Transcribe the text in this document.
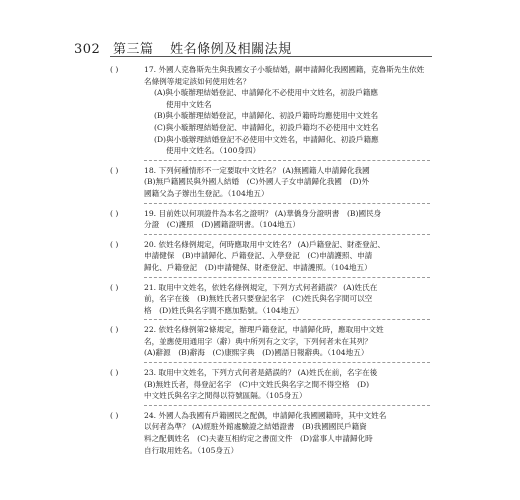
302 第三篇 姓名條例及相關法規
( )	17. 外國人克魯斯先生與我國女子小璇結婚，嗣申請歸化我國國籍，克魯斯先生依姓名條例等規定該如何使用姓名？
(A)與小璇辦理結婚登記、申請歸化不必使用中文姓名，初設戶籍應
使用中文姓名
(B)與小璇辦理結婚登記，申請歸化、初設戶籍時均應使用中文姓名
(C)與小璇辦理結婚登記、申請歸化，初設戶籍均不必使用中文姓名
(D)與小璇辦理結婚登記不必使用中文姓名，申請歸化、初設戶籍應
使用中文姓名。（100身四）
( )	18. 下列何種情形不一定要取中文姓名？ (A)無國籍人申請歸化我國
(B)無戶籍國民與外國人結婚　(C)外國人子女申請歸化我國　(D)外
國籍父為子辦出生登記。（104地五）
( )	19. 目前姓以何項證件為本名之證明？ (A)華僑身分證明書　(B)國民身
分證　(C)護照　(D)國籍證明書。（104地五）
( )	20. 依姓名條例規定，何時應取用中文姓名？ (A)戶籍登記、財產登記、
申請健保　(B)申請歸化、戶籍登記、入學登記　(C)申請護照、申請
歸化、戶籍登記　(D)申請健保、財產登記、申請護照。（104地五）
( )	21. 取用中文姓名，依姓名條例規定，下列方式何者錯誤？ (A)姓氏在
前，名字在後　(B)無姓氏者只要登記名字　(C)姓氏與名字間可以空
格　(D)姓氏與名字間不應加點號。（104地五）
( )	22. 依姓名條例第2條規定，辦理戶籍登記，申請歸化時，應取用中文姓
名，並應使用通用字（辭）典中所列有之文字，下列何者未在其列？
(A)辭源　(B)辭海　(C)康熙字典　(D)國語日報辭典。（104地五）
( )	23. 取用中文姓名，下列方式何者是錯誤的？ (A)姓氏在前，名字在後
(B)無姓氏者，得登記名字　(C)中文姓氏與名字之間不得空格　(D)
中文姓氏與名字之間得以符號區隔。（105身五）
( )	24. 外國人為我國有戶籍國民之配偶，申請歸化我國國籍時，其中文姓名
以何者為準？ (A)經駐外館處驗證之結婚證書　(B)我國國民戶籍資
料之配偶姓名　(C)夫妻互相約定之書面文件　(D)當事人申請歸化時
自行取用姓名。（105身五）
